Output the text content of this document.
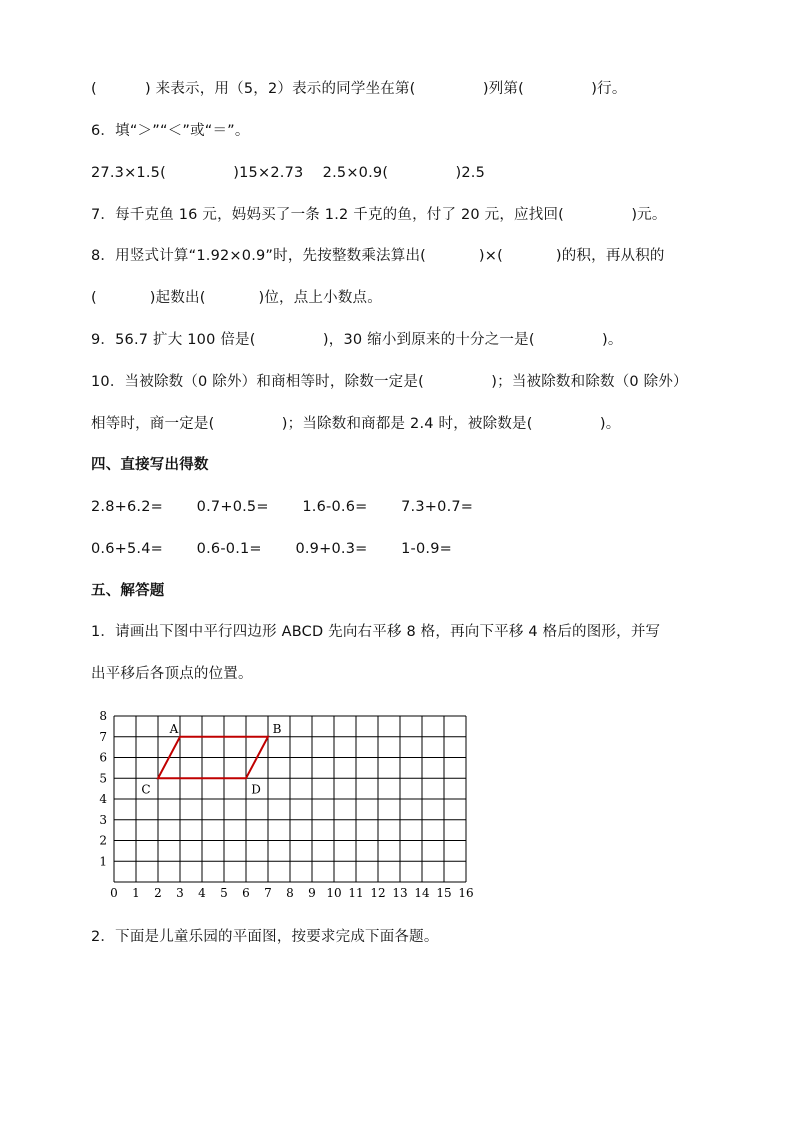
(          ) 来表示，用（5，2）表示的同学坐在第(              )列第(              )行。
6．填“＞”“＜”或“＝”。
27.3×1.5(              )15×2.73    2.5×0.9(              )2.5
7．每千克鱼 16 元，妈妈买了一条 1.2 千克的鱼，付了 20 元，应找回(              )元。
8．用竖式计算“1.92×0.9”时，先按整数乘法算出(           )×(           )的积，再从积的
(           )起数出(           )位，点上小数点。
9．56.7 扩大 100 倍是(              )，30 缩小到原来的十分之一是(              )。
10．当被除数（0 除外）和商相等时，除数一定是(              )；当被除数和除数（0 除外）
相等时，商一定是(              )；当除数和商都是 2.4 时，被除数是(              )。
四、直接写出得数
2.8+6.2=       0.7+0.5=       1.6-0.6=       7.3+0.7=
0.6+5.4=       0.6-0.1=       0.9+0.3=       1-0.9=
五、解答题
1．请画出下图中平行四边形 ABCD 先向右平移 8 格，再向下平移 4 格后的图形，并写
出平移后各顶点的位置。
0 1 2 3 4 5 6 7 8 9 10 11 12 13 14 15 16
1
2
3
4
5
6
7
8
A	B
D
C
2．下面是儿童乐园的平面图，按要求完成下面各题。
